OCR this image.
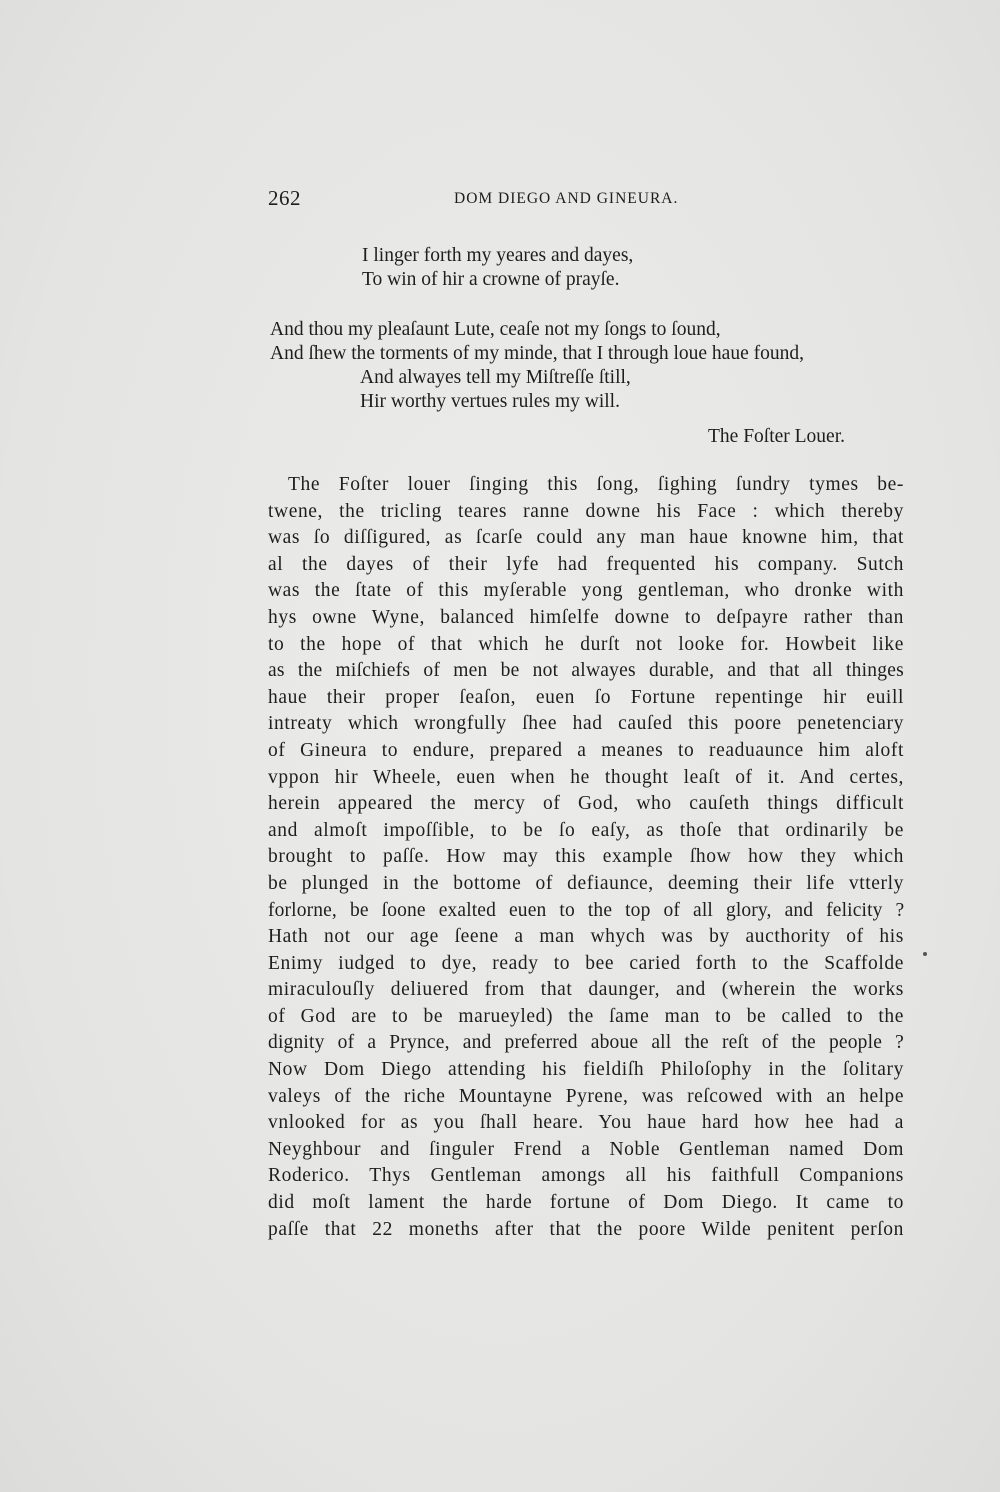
262	DOM DIEGO AND GINEURA.
I linger forth my yeares and dayes,
To win of hir a crowne of prayſe.
And thou my pleaſaunt Lute, ceaſe not my ſongs to ſound,
And ſhew the torments of my minde, that I through loue haue found,
And alwayes tell my Miſtreſſe ſtill,
Hir worthy vertues rules my will.
The Foſter Louer.
The Foſter louer ſinging this ſong, ſighing ſundry tymes be-
twene, the tricling teares ranne downe his Face : which thereby
was ſo diſſigured, as ſcarſe could any man haue knowne him, that
al the dayes of their lyfe had frequented his company. Sutch
was the ſtate of this myſerable yong gentleman, who dronke with
hys owne Wyne, balanced himſelfe downe to deſpayre rather than
to the hope of that which he durſt not looke for. Howbeit like
as the miſchiefs of men be not alwayes durable, and that all thinges
haue their proper ſeaſon, euen ſo Fortune repentinge hir euill
intreaty which wrongfully ſhee had cauſed this poore penetenciary
of Gineura to endure, prepared a meanes to readuaunce him aloft
vppon hir Wheele, euen when he thought leaſt of it. And certes,
herein appeared the mercy of God, who cauſeth things difficult
and almoſt impoſſible, to be ſo eaſy, as thoſe that ordinarily be
brought to paſſe. How may this example ſhow how they which
be plunged in the bottome of defiaunce, deeming their life vtterly
forlorne, be ſoone exalted euen to the top of all glory, and felicity ?
Hath not our age ſeene a man whych was by auсthority of his
Enimy iudged to dye, ready to bee caried forth to the Scaffolde
miraculouſly deliuered from that daunger, and (wherein the works
of God are to be marueyled) the ſame man to be called to the
dignity of a Prynce, and preferred aboue all the reſt of the people ?
Now Dom Diego attending his fieldiſh Philoſophy in the ſolitary
valeys of the riche Mountayne Pyrene, was reſcowed with an helpe
vnlooked for as you ſhall heare. You haue hard how hee had a
Neyghbour and ſinguler Frend a Noble Gentleman named Dom
Roderico. Thys Gentleman amongs all his faithfull Companions
did moſt lament the harde fortune of Dom Diego. It came to
paſſe that 22 moneths after that the poore Wilde penitent perſon
